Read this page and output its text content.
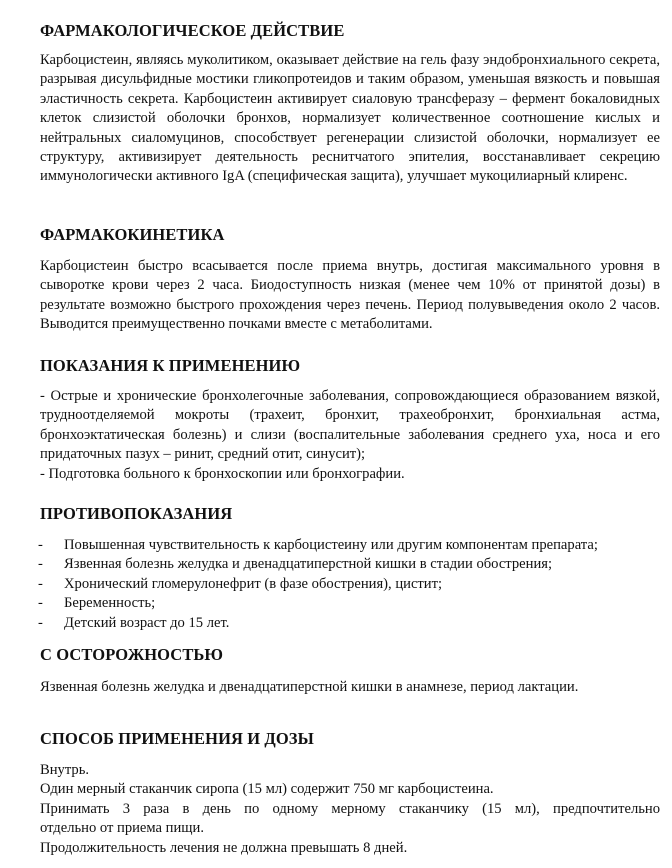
ФАРМАКОЛОГИЧЕСКОЕ ДЕЙСТВИЕ

Карбоцистеин, являясь муколитиком, оказывает действие на гель фазу эндобронхиального секрета, разрывая дисульфидные мостики гликопротеидов и таким образом, уменьшая вязкость и повышая эластичность секрета. Карбоцистеин активирует сиаловую трансферазу – фермент бокаловидных клеток слизистой оболочки бронхов, нормализует количественное соотношение кислых и нейтральных сиаломуцинов, способствует регенерации слизистой оболочки, нормализует ее структуру, активизирует деятельность реснитчатого эпителия, восстанавливает секрецию иммунологически активного IgA (специфическая защита), улучшает мукоцилиарный клиренс.

ФАРМАКОКИНЕТИКА

Карбоцистеин быстро всасывается после приема внутрь, достигая максимального уровня в сыворотке крови через 2 часа. Биодоступность низкая (менее чем 10% от принятой дозы) в результате возможно быстрого прохождения через печень. Период полувыведения около 2 часов. Выводится преимущественно почками вместе с метаболитами.

ПОКАЗАНИЯ К ПРИМЕНЕНИЮ

- Острые и хронические бронхолегочные заболевания, сопровождающиеся образованием вязкой, трудноотделяемой мокроты (трахеит, бронхит, трахеобронхит, бронхиальная астма, бронхоэктатическая болезнь) и слизи (воспалительные заболевания среднего уха, носа и его придаточных пазух – ринит, средний отит, синусит);

- Подготовка больного к бронхоскопии или бронхографии.

ПРОТИВОПОКАЗАНИЯ
- Повышенная чувствительность к карбоцистеину или другим компонентам препарата;
- Язвенная болезнь желудка и двенадцатиперстной кишки в стадии обострения;
- Хронический гломерулонефрит (в фазе обострения), цистит;
- Беременность;
- Детский возраст до 15 лет.
С ОСТОРОЖНОСТЬЮ

Язвенная болезнь желудка и двенадцатиперстной кишки в анамнезе, период лактации.

СПОСОБ ПРИМЕНЕНИЯ И ДОЗЫ
Внутрь.
Один мерный стаканчик сиропа (15 мл) содержит 750 мг карбоцистеина.
Принимать 3 раза в день по одному мерному стаканчику (15 мл), предпочтительно
отдельно от приема пищи.
Продолжительность лечения не должна превышать 8 дней.
